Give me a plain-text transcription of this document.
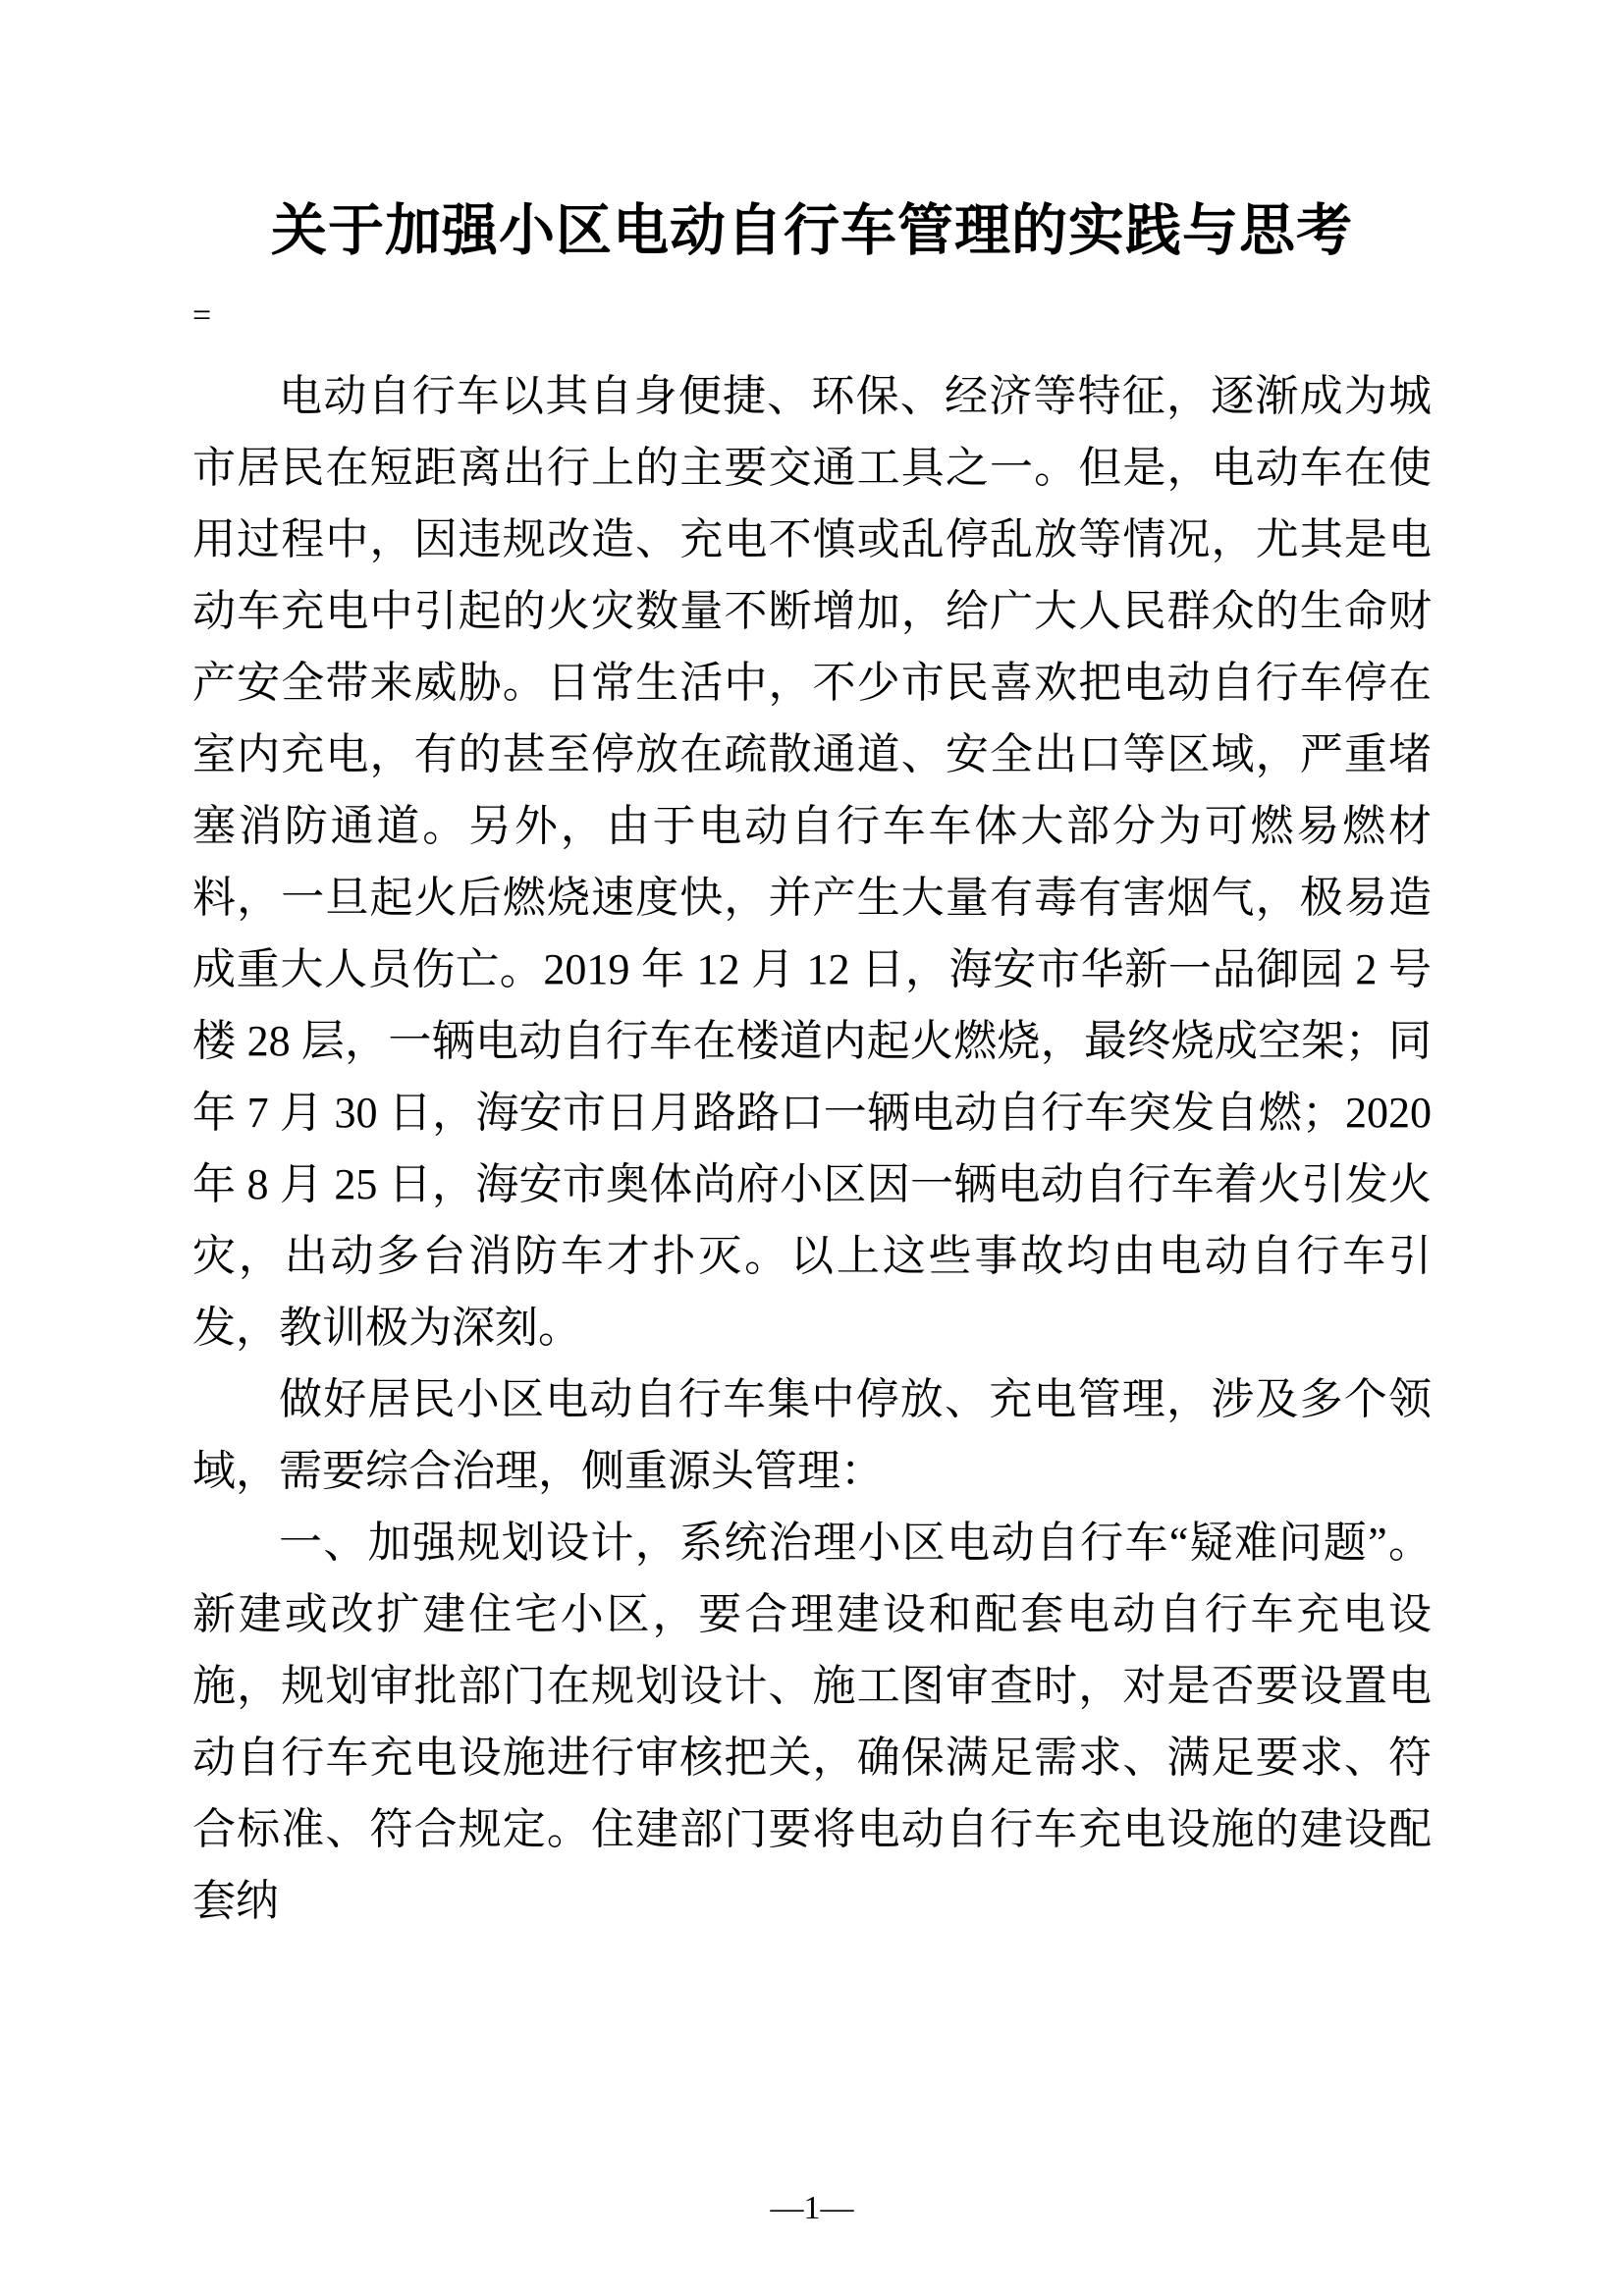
关于加强小区电动自行车管理的实践与思考
=

电动自行车以其自身便捷、环保、经济等特征，逐渐成为城市居民在短距离出行上的主要交通工具之一。但是，电动车在使用过程中，因违规改造、充电不慎或乱停乱放等情况，尤其是电动车充电中引起的火灾数量不断增加，给广大人民群众的生命财产安全带来威胁。日常生活中，不少市民喜欢把电动自行车停在室内充电，有的甚至停放在疏散通道、安全出口等区域，严重堵塞消防通道。另外，由于电动自行车车体大部分为可燃易燃材料，一旦起火后燃烧速度快，并产生大量有毒有害烟气，极易造成重大人员伤亡。2019 年 12 月 12 日，海安市华新一品御园 2 号楼 28 层，一辆电动自行车在楼道内起火燃烧，最终烧成空架；同年 7 月 30 日，海安市日月路路口一辆电动自行车突发自燃；2020 年 8 月 25 日，海安市奥体尚府小区因一辆电动自行车着火引发火灾，出动多台消防车才扑灭。以上这些事故均由电动自行车引发，教训极为深刻。

做好居民小区电动自行车集中停放、充电管理，涉及多个领域，需要综合治理，侧重源头管理：

一、加强规划设计，系统治理小区电动自行车“疑难问题”。新建或改扩建住宅小区，要合理建设和配套电动自行车充电设施，规划审批部门在规划设计、施工图审查时，对是否要设置电动自行车充电设施进行审核把关，确保满足需求、满足要求、符合标准、符合规定。住建部门要将电动自行车充电设施的建设配套纳

—1—
